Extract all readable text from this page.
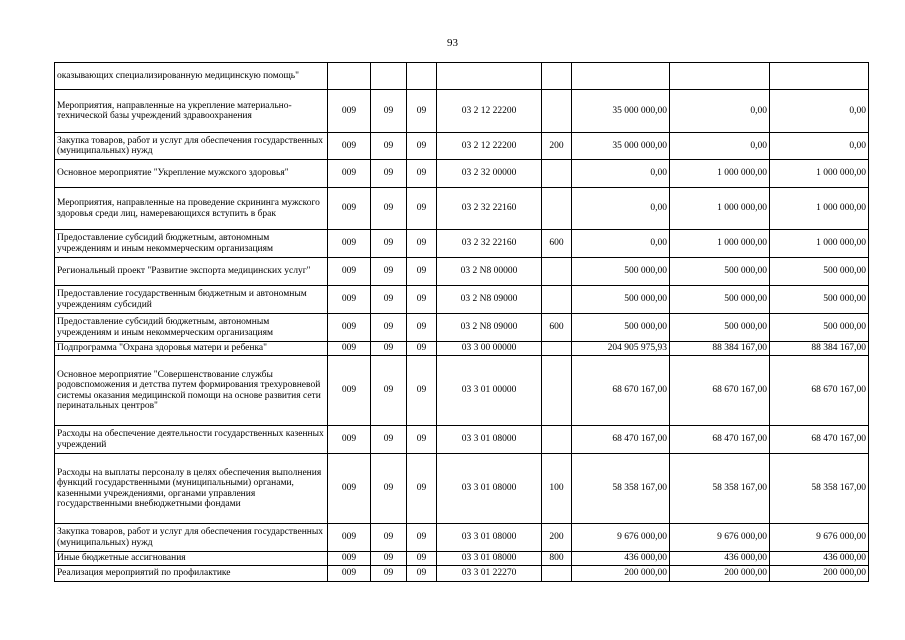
93
оказывающих специализированную медицинскую помощь"								
Мероприятия, направленные на укрепление материально-технической базы учреждений здравоохранения	009	09	09	03 2 12 22200		35 000 000,00	0,00	0,00
Закупка товаров, работ и услуг для обеспечения государственных (муниципальных) нужд	009	09	09	03 2 12 22200	200	35 000 000,00	0,00	0,00
Основное мероприятие "Укрепление мужского здоровья"	009	09	09	03 2 32 00000		0,00	1 000 000,00	1 000 000,00
Мероприятия, направленные на проведение скрининга мужского здоровья среди лиц, намеревающихся вступить в брак	009	09	09	03 2 32 22160		0,00	1 000 000,00	1 000 000,00
Предоставление субсидий бюджетным, автономным учреждениям и иным некоммерческим организациям	009	09	09	03 2 32 22160	600	0,00	1 000 000,00	1 000 000,00
Региональный проект "Развитие экспорта медицинских услуг"	009	09	09	03 2 N8 00000		500 000,00	500 000,00	500 000,00
Предоставление государственным бюджетным и автономным учреждениям субсидий	009	09	09	03 2 N8 09000		500 000,00	500 000,00	500 000,00
Предоставление субсидий бюджетным, автономным учреждениям и иным некоммерческим организациям	009	09	09	03 2 N8 09000	600	500 000,00	500 000,00	500 000,00
Подпрограмма "Охрана здоровья матери и ребенка"	009	09	09	03 3 00 00000		204 905 975,93	88 384 167,00	88 384 167,00
Основное мероприятие "Совершенствование службы родовспоможения и детства путем формирования трехуровневой системы оказания медицинской помощи на основе развития сети перинатальных центров"	009	09	09	03 3 01 00000		68 670 167,00	68 670 167,00	68 670 167,00
Расходы на обеспечение деятельности государственных казенных учреждений	009	09	09	03 3 01 08000		68 470 167,00	68 470 167,00	68 470 167,00
Расходы на выплаты персоналу в целях обеспечения выполнения функций государственными (муниципальными) органами, казенными учреждениями, органами управления государственными внебюджетными фондами	009	09	09	03 3 01 08000	100	58 358 167,00	58 358 167,00	58 358 167,00
Закупка товаров, работ и услуг для обеспечения государственных (муниципальных) нужд	009	09	09	03 3 01 08000	200	9 676 000,00	9 676 000,00	9 676 000,00
Иные бюджетные ассигнования	009	09	09	03 3 01 08000	800	436 000,00	436 000,00	436 000,00
Реализация мероприятий по профилактике	009	09	09	03 3 01 22270		200 000,00	200 000,00	200 000,00
